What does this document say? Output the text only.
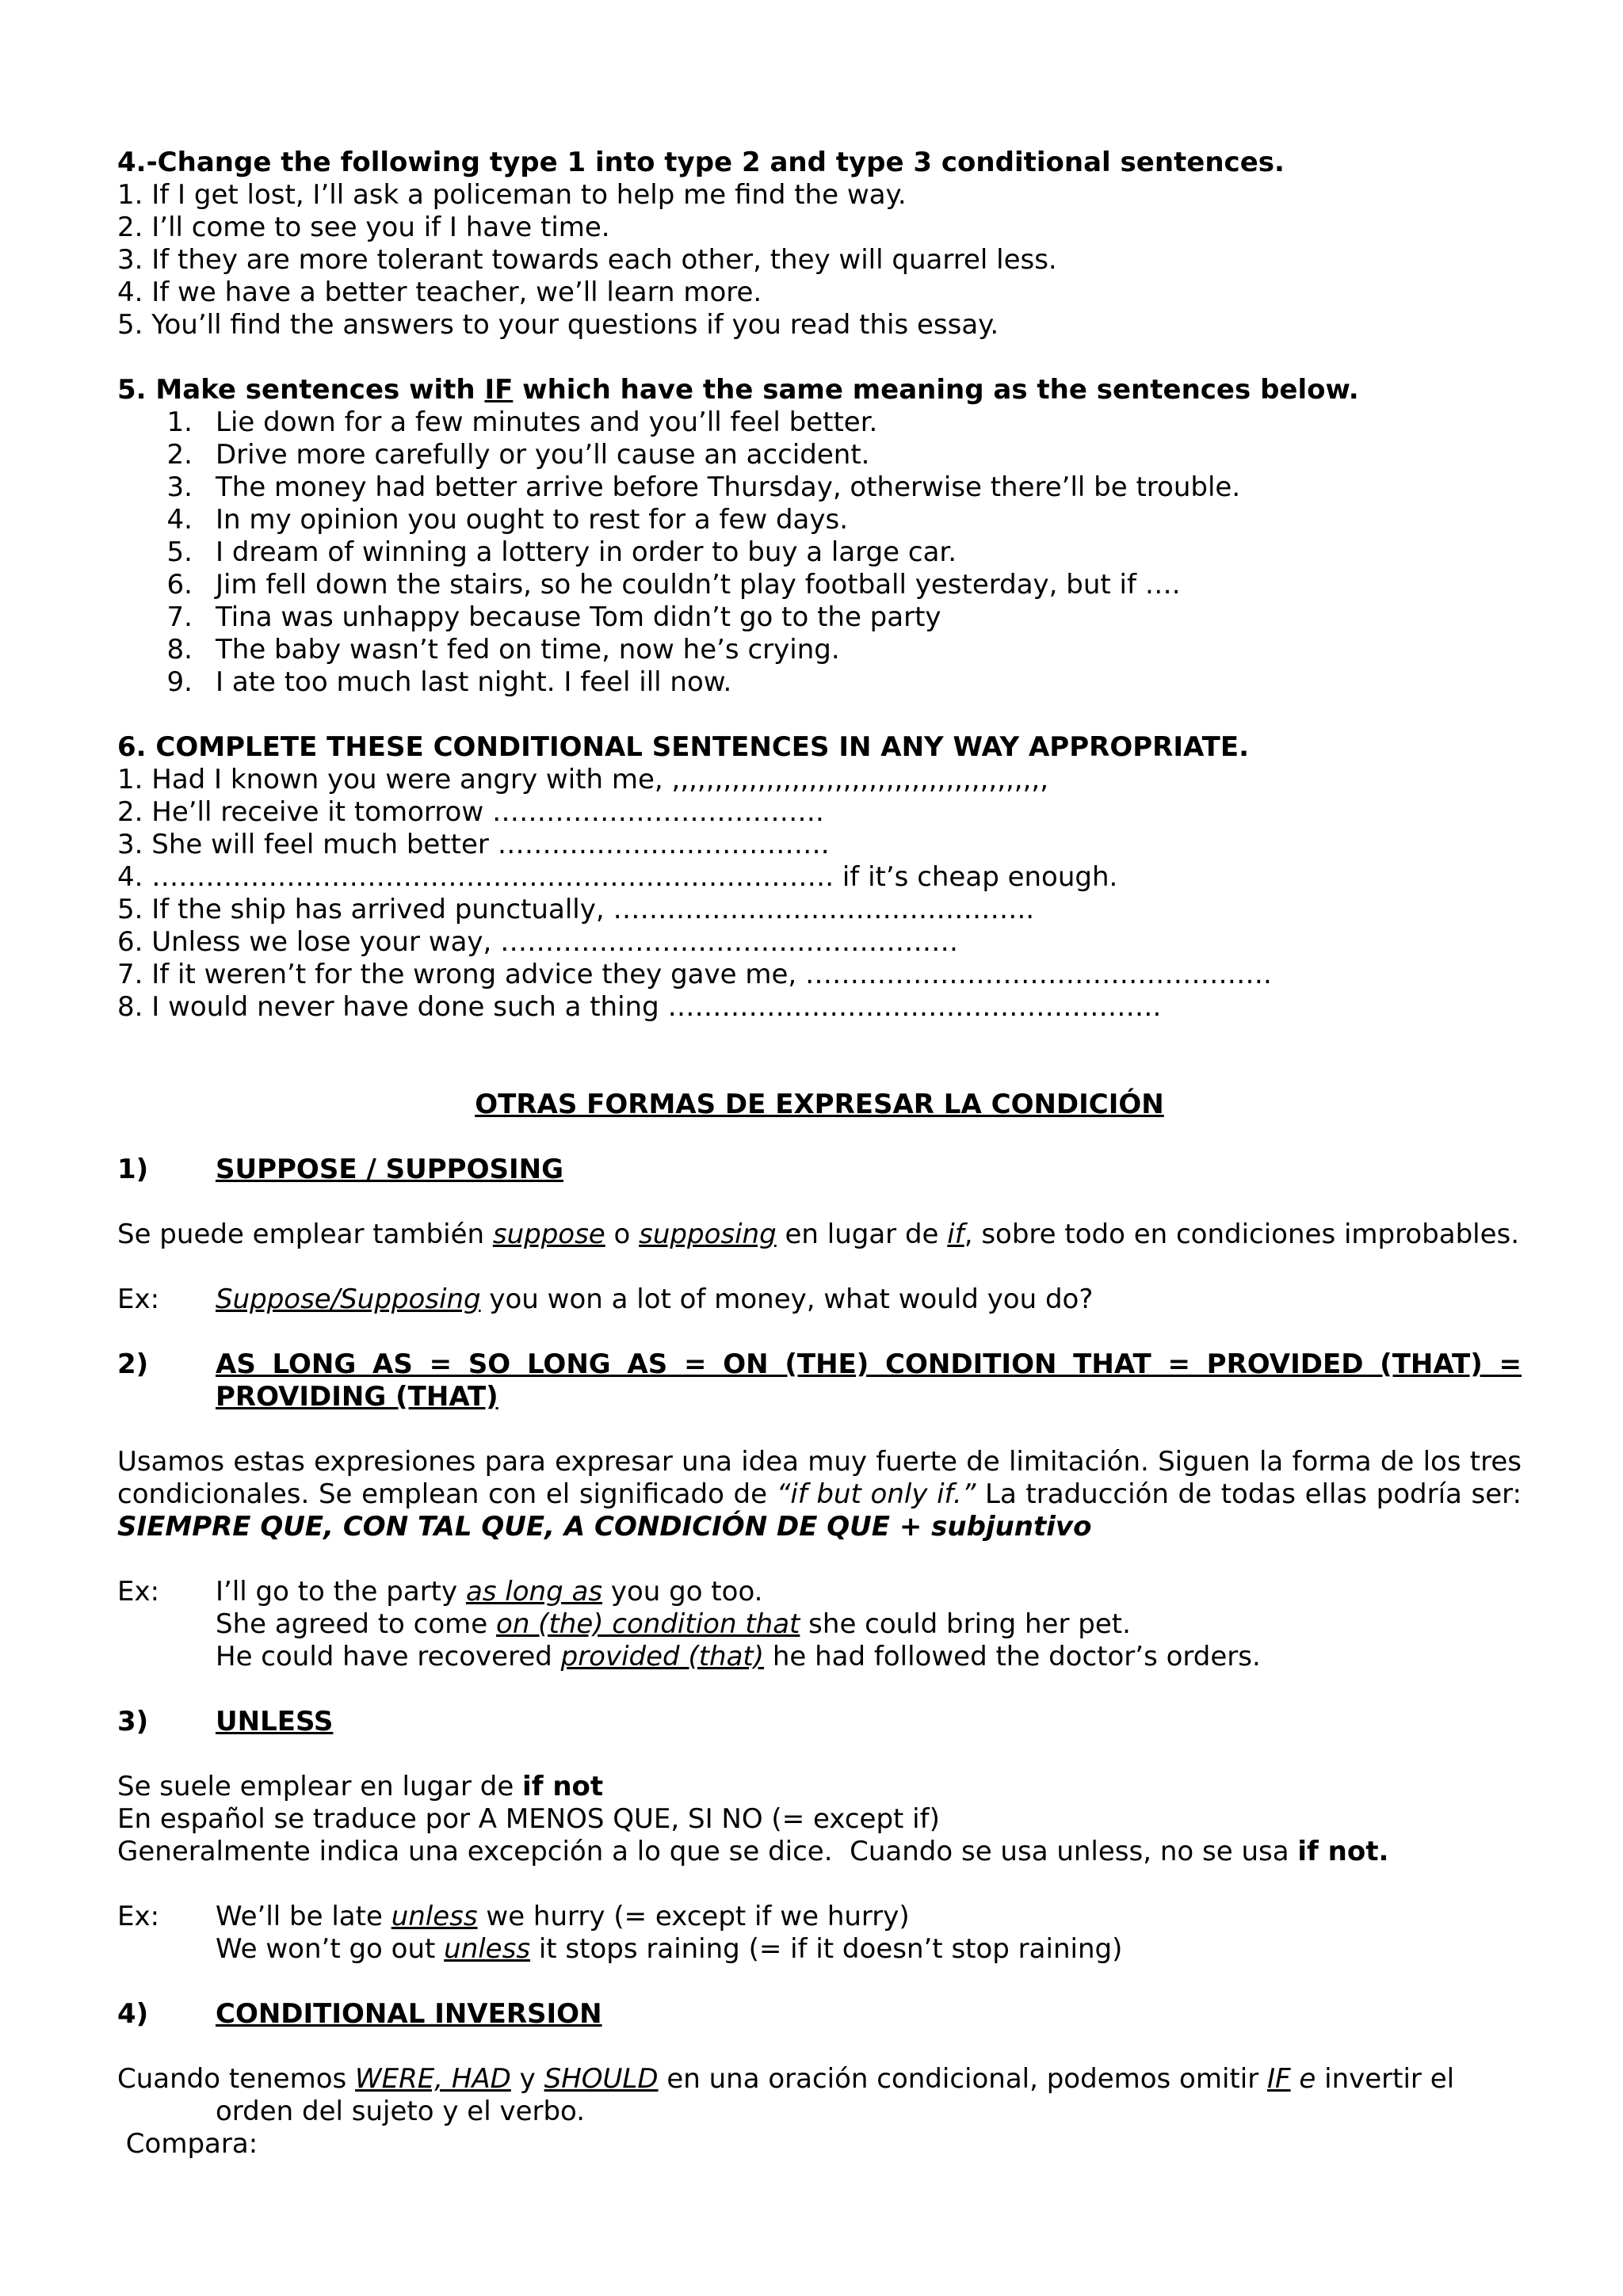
4.-Change the following type 1 into type 2 and type 3 conditional sentences.

1. If I get lost, I’ll ask a policeman to help me find the way.

2. I’ll come to see you if I have time.

3. If they are more tolerant towards each other, they will quarrel less.

4. If we have a better teacher, we’ll learn more.

5. You’ll find the answers to your questions if you read this essay.

5. Make sentences with IF which have the same meaning as the sentences below.

1. Lie down for a few minutes and you’ll feel better.
2. Drive more carefully or you’ll cause an accident.
3. The money had better arrive before Thursday, otherwise there’ll be trouble.
4. In my opinion you ought to rest for a few days.
5. I dream of winning a lottery in order to buy a large car.
6. Jim fell down the stairs, so he couldn’t play football yesterday, but if ….
7. Tina was unhappy because Tom didn’t go to the party
8. The baby wasn’t fed on time, now he’s crying.
9. I ate too much last night. I feel ill now.

6. COMPLETE THESE CONDITIONAL SENTENCES IN ANY WAY APPROPRIATE.

1. Had I known you were angry with me, ,,,,,,,,,,,,,,,,,,,,,,,,,,,,,,,,,,,,,,,,,,,,

2. He’ll receive it tomorrow ……………………………….

3. She will feel much better ……………………………….

4. …………………………………………………………………. if it’s cheap enough.

5. If the ship has arrived punctually, ………………………………………..

6. Unless we lose your way, ……………………………………………

7. If it weren’t for the wrong advice they gave me, …………………………………………….

8. I would never have done such a thing ……………………………………………….

OTRAS FORMAS DE EXPRESAR LA CONDICIÓN

1)	SUPPOSE / SUPPOSING

Se puede emplear también suppose o supposing en lugar de if, sobre todo en condiciones improbables.

Ex:	Suppose/Supposing you won a lot of money, what would you do?
2)	AS LONG AS = SO LONG AS = ON (THE) CONDITION THAT = PROVIDED (THAT) = PROVIDING (THAT)

Usamos estas expresiones para expresar una idea muy fuerte de limitación. Siguen la forma de los tres condicionales. Se emplean con el significado de “if but only if.” La traducción de todas ellas podría ser: SIEMPRE QUE, CON TAL QUE, A CONDICIÓN DE QUE + subjuntivo

Ex:	I’ll go to the party as long as you go too.
She agreed to come on (the) condition that she could bring her pet.
He could have recovered provided (that) he had followed the doctor’s orders.
3)	UNLESS

Se suele emplear en lugar de if not

En español se traduce por A MENOS QUE, SI NO (= except if)

Generalmente indica una excepción a lo que se dice.  Cuando se usa unless, no se usa if not.

Ex:	We’ll be late unless we hurry (= except if we hurry)
We won’t go out unless it stops raining (= if it doesn’t stop raining)
4)	CONDITIONAL INVERSION

Cuando tenemos WERE, HAD y SHOULD en una oración condicional, podemos omitir IF e invertir el orden del sujeto y el verbo.

Compara:
